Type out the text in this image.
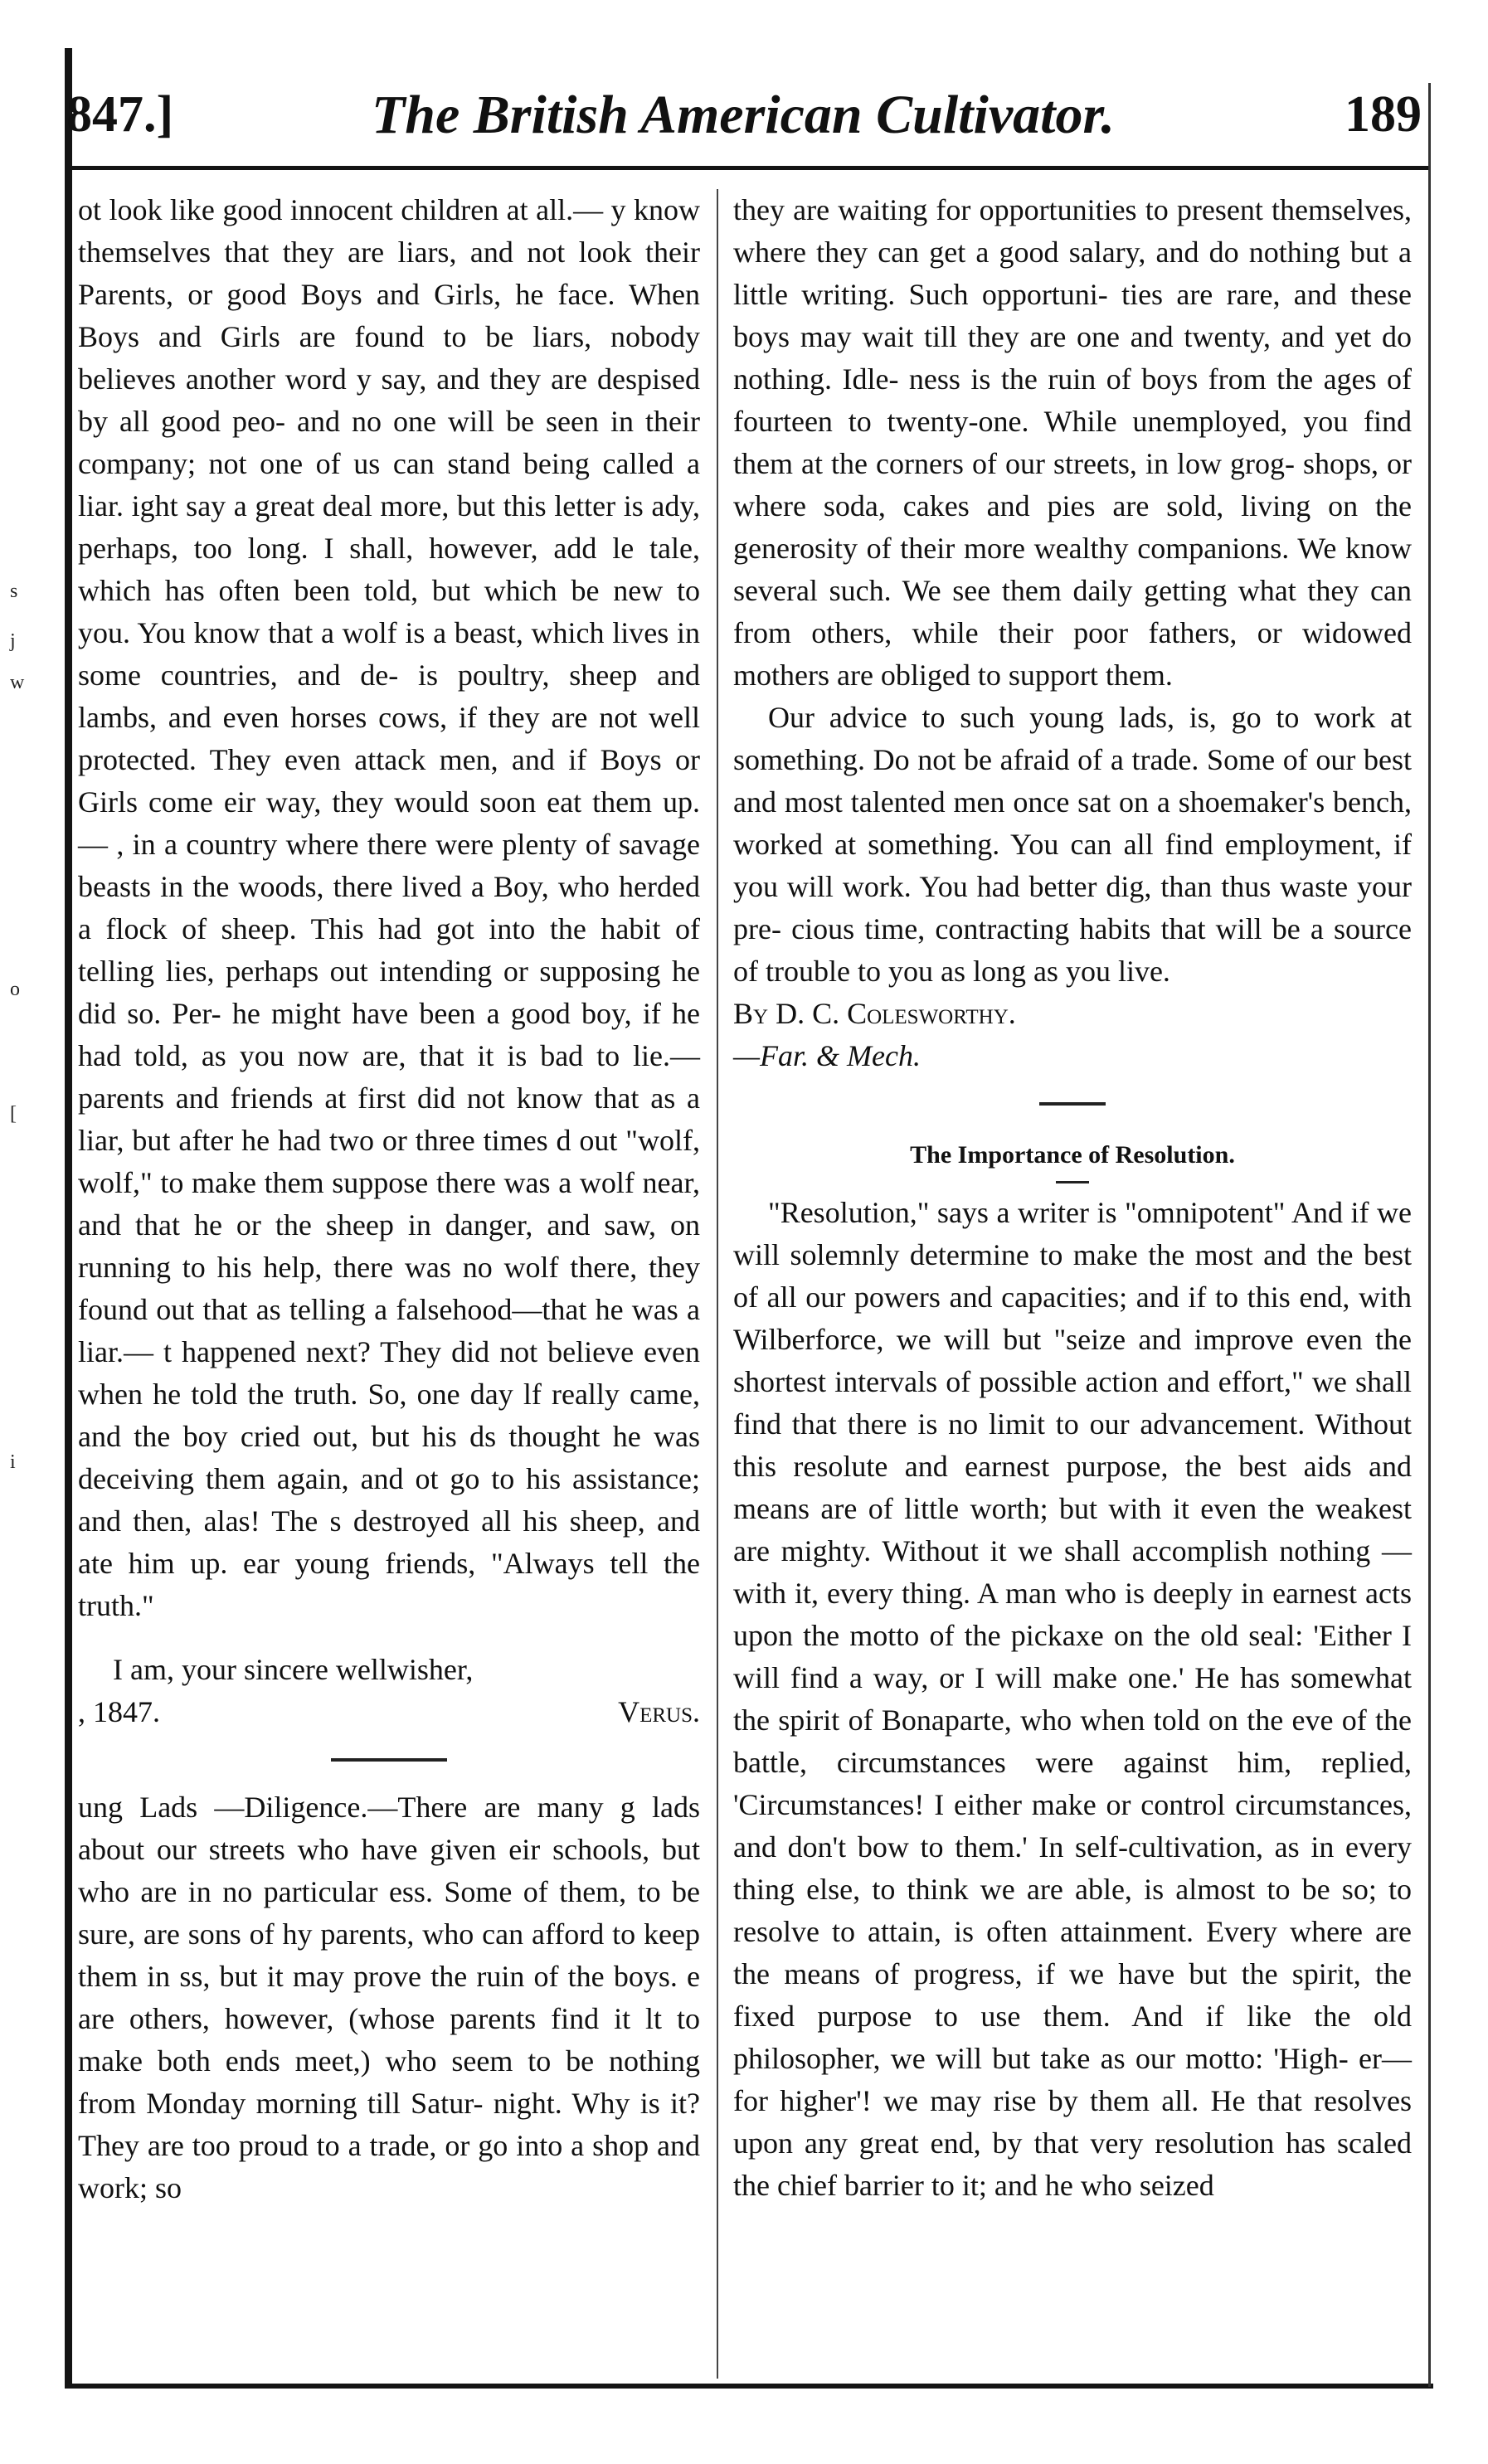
s
j
w
[
o
i
847.]	The British American Cultivator.	189

ot look like good innocent children at all.— y know themselves that they are liars, and not look their Parents, or good Boys and Girls, he face. When Boys and Girls are found to be liars, nobody believes another word y say, and they are despised by all good peo- and no one will be seen in their company; not one of us can stand being called a liar. ight say a great deal more, but this letter is ady, perhaps, too long. I shall, however, add le tale, which has often been told, but which be new to you. You know that a wolf is a beast, which lives in some countries, and de- is poultry, sheep and lambs, and even horses cows, if they are not well protected. They even attack men, and if Boys or Girls come eir way, they would soon eat them up.— , in a country where there were plenty of savage beasts in the woods, there lived a Boy, who herded a flock of sheep. This had got into the habit of telling lies, perhaps out intending or supposing he did so. Per- he might have been a good boy, if he had told, as you now are, that it is bad to lie.— parents and friends at first did not know that as a liar, but after he had two or three times d out "wolf, wolf," to make them suppose there was a wolf near, and that he or the sheep in danger, and saw, on running to his help, there was no wolf there, they found out that as telling a falsehood—that he was a liar.— t happened next? They did not believe even when he told the truth. So, one day lf really came, and the boy cried out, but his ds thought he was deceiving them again, and ot go to his assistance; and then, alas! The s destroyed all his sheep, and ate him up. ear young friends, "Always tell the truth."

I am, your sincere wellwisher,

, 1847.	Verus.

ung Lads —Diligence.—There are many g lads about our streets who have given eir schools, but who are in no particular ess. Some of them, to be sure, are sons of hy parents, who can afford to keep them in ss, but it may prove the ruin of the boys. e are others, however, (whose parents find it lt to make both ends meet,) who seem to be nothing from Monday morning till Satur- night. Why is it? They are too proud to a trade, or go into a shop and work; so

they are waiting for opportunities to present themselves, where they can get a good salary, and do nothing but a little writing. Such opportuni- ties are rare, and these boys may wait till they are one and twenty, and yet do nothing. Idle- ness is the ruin of boys from the ages of fourteen to twenty-one. While unemployed, you find them at the corners of our streets, in low grog- shops, or where soda, cakes and pies are sold, living on the generosity of their more wealthy companions. We know several such. We see them daily getting what they can from others, while their poor fathers, or widowed mothers are obliged to support them.

Our advice to such young lads, is, go to work at something. Do not be afraid of a trade. Some of our best and most talented men once sat on a shoemaker's bench, worked at something. You can all find employment, if you will work. You had better dig, than thus waste your pre- cious time, contracting habits that will be a source of trouble to you as long as you live.

By D. C. Colesworthy.

—Far. & Mech.

The Importance of Resolution.

"Resolution," says a writer is "omnipotent" And if we will solemnly determine to make the most and the best of all our powers and capacities; and if to this end, with Wilberforce, we will but "seize and improve even the shortest intervals of possible action and effort," we shall find that there is no limit to our advancement. Without this resolute and earnest purpose, the best aids and means are of little worth; but with it even the weakest are mighty. Without it we shall accomplish nothing —with it, every thing. A man who is deeply in earnest acts upon the motto of the pickaxe on the old seal: 'Either I will find a way, or I will make one.' He has somewhat the spirit of Bonaparte, who when told on the eve of the battle, circumstances were against him, replied, 'Circumstances! I either make or control circumstances, and don't bow to them.' In self-cultivation, as in every thing else, to think we are able, is almost to be so; to resolve to attain, is often attainment. Every where are the means of progress, if we have but the spirit, the fixed purpose to use them. And if like the old philosopher, we will but take as our motto: 'High- er—for higher'! we may rise by them all. He that resolves upon any great end, by that very resolution has scaled the chief barrier to it; and he who seized
